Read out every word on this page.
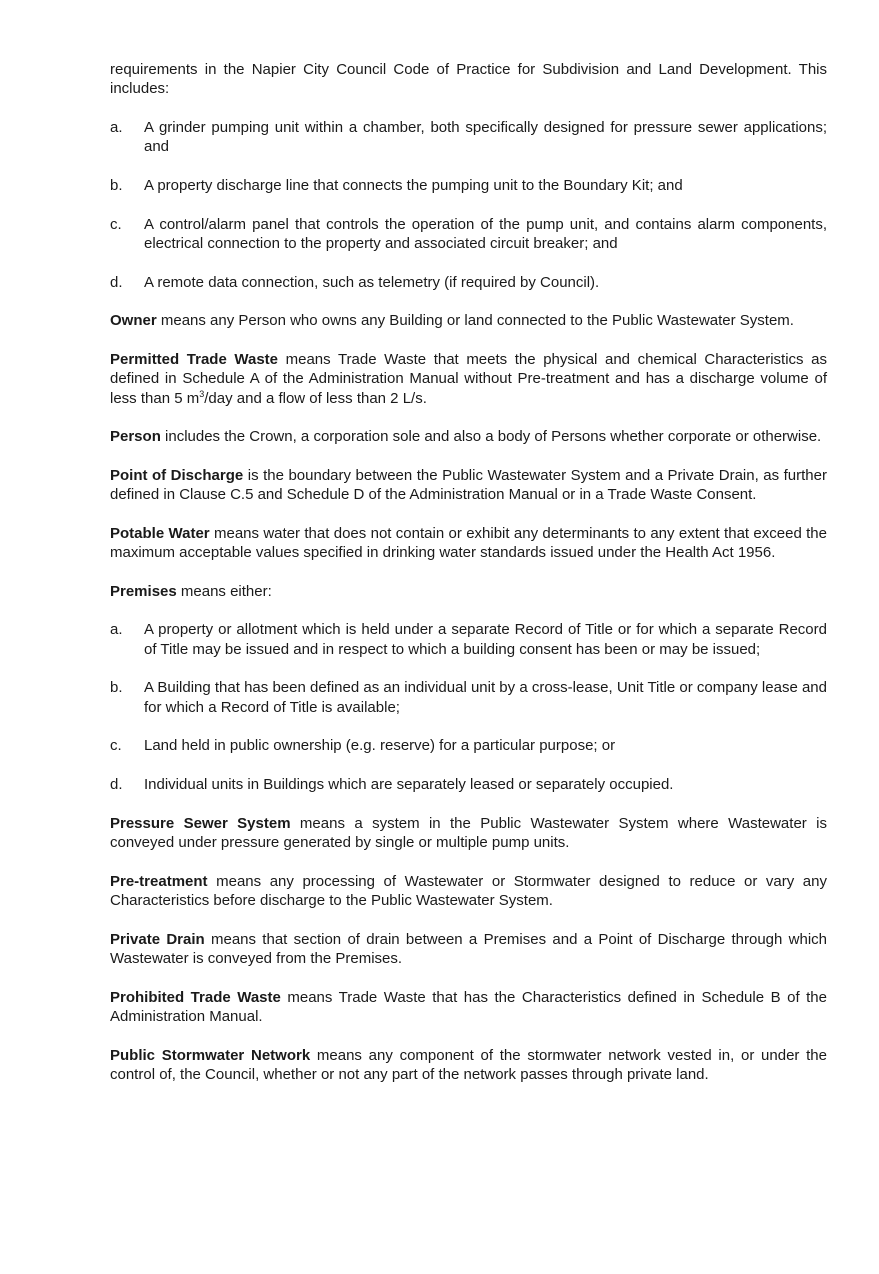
requirements in the Napier City Council Code of Practice for Subdivision and Land Development. This includes:

a.	A grinder pumping unit within a chamber, both specifically designed for pressure sewer applications; and
b.	A property discharge line that connects the pumping unit to the Boundary Kit; and
c.	A control/alarm panel that controls the operation of the pump unit, and contains alarm components, electrical connection to the property and associated circuit breaker; and
d.	A remote data connection, such as telemetry (if required by Council).

Owner means any Person who owns any Building or land connected to the Public Wastewater System.

Permitted Trade Waste means Trade Waste that meets the physical and chemical Characteristics as defined in Schedule A of the Administration Manual without Pre-treatment and has a discharge volume of less than 5 $m^3$/day and a flow of less than 2 L/s.

Person includes the Crown, a corporation sole and also a body of Persons whether corporate or otherwise.

Point of Discharge is the boundary between the Public Wastewater System and a Private Drain, as further defined in Clause C.5 and Schedule D of the Administration Manual or in a Trade Waste Consent.

Potable Water means water that does not contain or exhibit any determinants to any extent that exceed the maximum acceptable values specified in drinking water standards issued under the Health Act 1956.

Premises means either:

a.	A property or allotment which is held under a separate Record of Title or for which a separate Record of Title may be issued and in respect to which a building consent has been or may be issued;
b.	A Building that has been defined as an individual unit by a cross-lease, Unit Title or company lease and for which a Record of Title is available;
c.	Land held in public ownership (e.g. reserve) for a particular purpose; or
d.	Individual units in Buildings which are separately leased or separately occupied.

Pressure Sewer System means a system in the Public Wastewater System where Wastewater is conveyed under pressure generated by single or multiple pump units.

Pre-treatment means any processing of Wastewater or Stormwater designed to reduce or vary any Characteristics before discharge to the Public Wastewater System.

Private Drain means that section of drain between a Premises and a Point of Discharge through which Wastewater is conveyed from the Premises.

Prohibited Trade Waste means Trade Waste that has the Characteristics defined in Schedule B of the Administration Manual.

Public Stormwater Network means any component of the stormwater network vested in, or under the control of, the Council, whether or not any part of the network passes through private land.
